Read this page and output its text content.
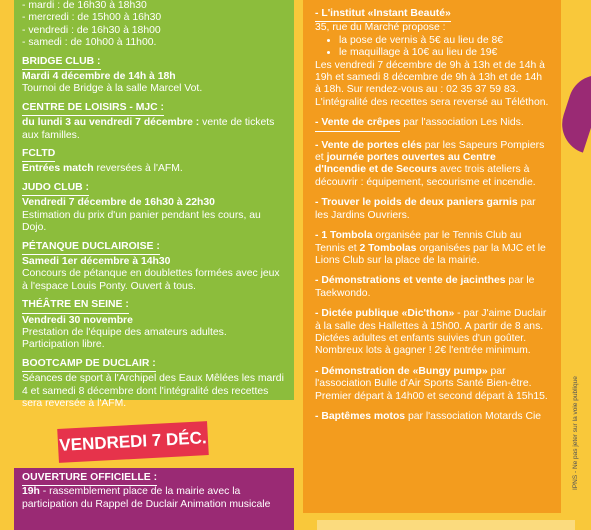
- mardi : de 16h30 à 18h30

- mercredi : de 15h00 à 16h30

- vendredi : de 16h30 à 18h00

- samedi : de 10h00 à 11h00.

BRIDGE CLUB :

Mardi 4 décembre de 14h à 18h

Tournoi de Bridge à la salle Marcel Vot.

CENTRE DE LOISIRS - MJC :

du lundi 3 au vendredi 7 décembre : vente de tickets aux familles.

FCLTD

Entrées match reversées à l'AFM.

JUDO CLUB :

Vendredi 7 décembre de 16h30 à 22h30

Estimation du prix d'un panier pendant les cours, au Dojo.

PÉTANQUE DUCLAIROISE :

Samedi 1er décembre à 14h30

Concours de pétanque en doublettes formées avec jeux à l'espace Louis Ponty. Ouvert à tous.

THÉÂTRE EN SEINE :

Vendredi 30 novembre

Prestation de l'équipe des amateurs adultes. Participation libre.

BOOTCAMP DE DUCLAIR :

Séances de sport à l'Archipel des Eaux Mêlées les mardi 4 et samedi 8 décembre dont l'intégralité des recettes sera reversée à l'AFM.

VENDREDI 7 DÉC.
OUVERTURE OFFICIELLE :

19h - rassemblement place de la mairie avec la participation du Rappel de Duclair Animation musicale

- L'institut «Instant Beauté»

35, rue du Marché propose :

• la pose de vernis à 5€ au lieu de 8€
• le maquillage à 10€ au lieu de 19€

Les vendredi 7 décembre de 9h à 13h et de 14h à 19h et samedi 8 décembre de 9h à 13h et de 14h à 18h. Sur rendez-vous au : 02 35 37 59 83.

L'intégralité des recettes sera reversé au Téléthon.

- Vente de crêpes par l'association Les Nids.

- Vente de portes clés par les Sapeurs Pompiers et journée portes ouvertes au Centre d'Incendie et de Secours avec trois ateliers à découvrir : équipement, secourisme et incendie.

- Trouver le poids de deux paniers garnis par les Jardins Ouvriers.

- 1 Tombola organisée par le Tennis Club au Tennis et 2 Tombolas organisées par la MJC et le Lions Club sur la place de la mairie.

- Démonstrations et vente de jacinthes par le Taekwondo.

- Dictée publique «Dic'thon» - par J'aime Duclair à la salle des Hallettes à 15h00. A partir de 8 ans. Dictées adultes et enfants suivies d'un goûter. Nombreux lots à gagner ! 2€ l'entrée minimum.

- Démonstration de «Bungy pump» par l'association Bulle d'Air Sports Santé Bien-être. Premier départ à 14h00 et second départ à 15h15.

- Baptêmes motos par l'association Motards Cie	IPNS - Ne pas jeter sur la voie publique
